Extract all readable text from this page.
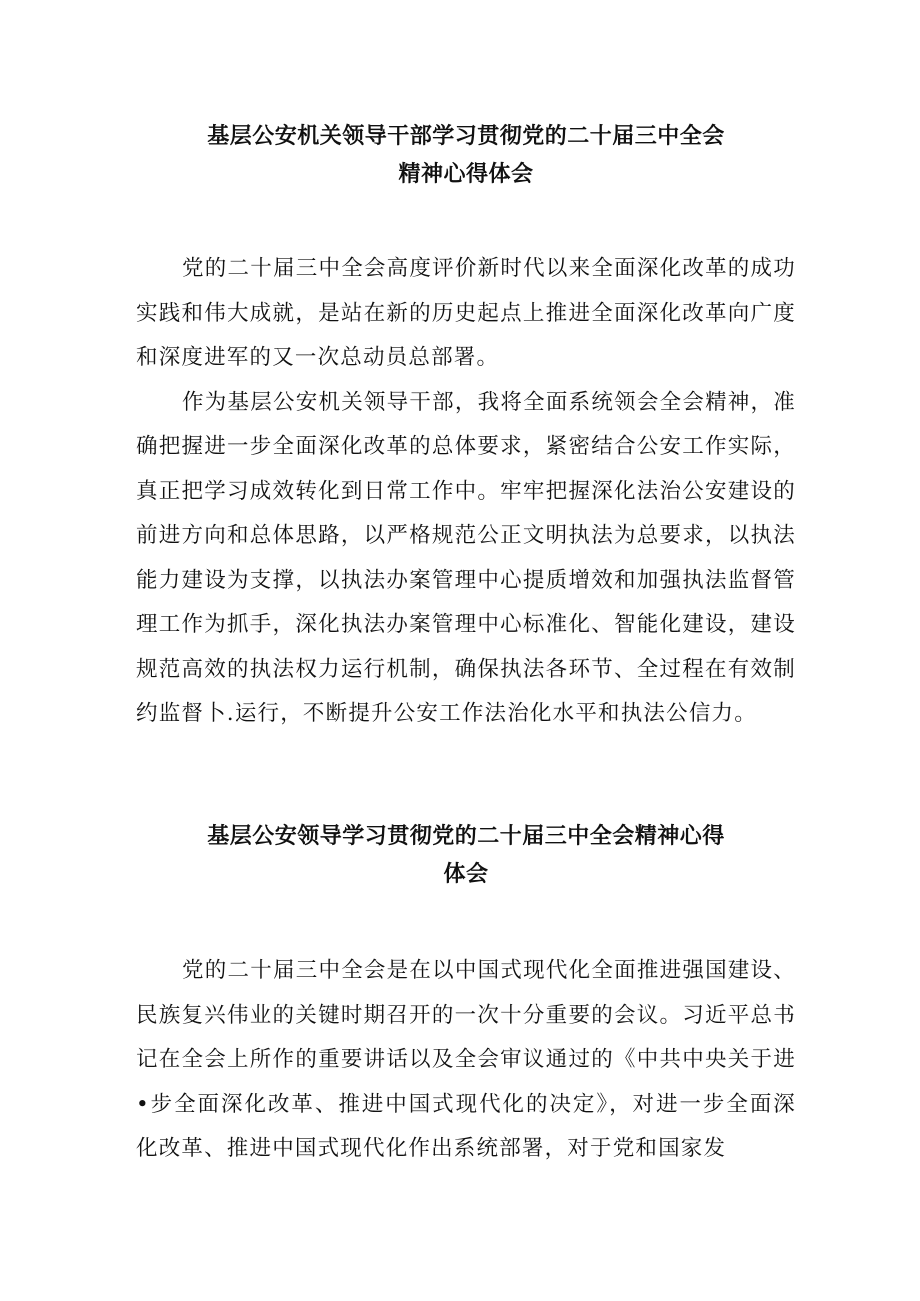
基层公安机关领导干部学习贯彻党的二十届三中全会
精神心得体会

党的二十届三中全会高度评价新时代以来全面深化改革的成功实践和伟大成就，是站在新的历史起点上推进全面深化改革向广度和深度进军的又一次总动员总部署。

作为基层公安机关领导干部，我将全面系统领会全会精神，准确把握进一步全面深化改革的总体要求，紧密结合公安工作实际，真正把学习成效转化到日常工作中。牢牢把握深化法治公安建设的前进方向和总体思路，以严格规范公正文明执法为总要求，以执法能力建设为支撑，以执法办案管理中心提质增效和加强执法监督管理工作为抓手，深化执法办案管理中心标准化、智能化建设，建设规范高效的执法权力运行机制，确保执法各环节、全过程在有效制约监督卜.运行，不断提升公安工作法治化水平和执法公信力。

基层公安领导学习贯彻党的二十届三中全会精神心得
体会

党的二十届三中全会是在以中国式现代化全面推进强国建设、民族复兴伟业的关键时期召开的一次十分重要的会议。习近平总书记在全会上所作的重要讲话以及全会审议通过的《中共中央关于进•步全面深化改革、推进中国式现代化的决定》，对进一步全面深化改革、推进中国式现代化作出系统部署，对于党和国家发
